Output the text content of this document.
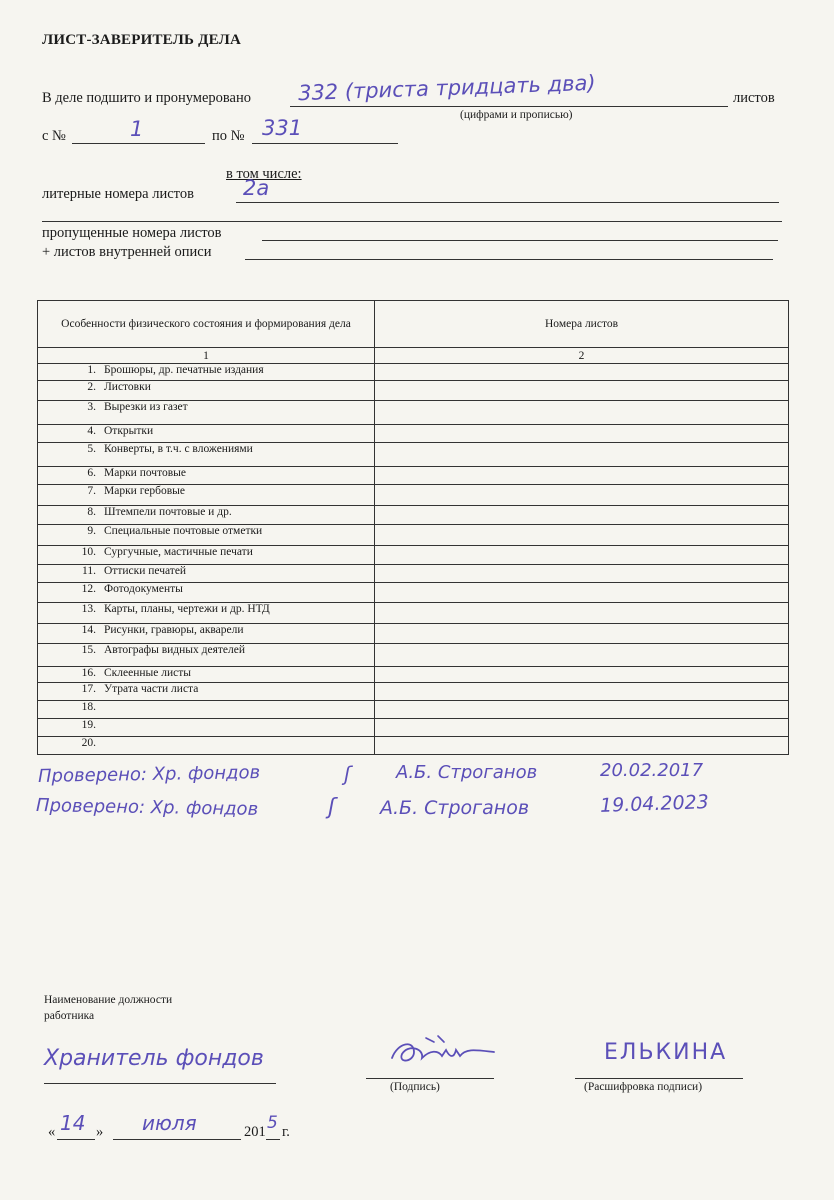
ЛИСТ-ЗАВЕРИТЕЛЬ ДЕЛА
В деле подшито и пронумеровано 332 (триста тридцать два)	листов
(цифрами и прописью)
с №	1	по № 331
в том числе:
литерные номера листов 2а
пропущенные номера листов
+ листов внутренней описи
Особенности физического состояния и формирования дела	Номера листов
1	2
1. Брошюры, др. печатные издания	
2. Листовки	
3. Вырезки из газет	
4. Открытки	
5. Конверты, в т.ч. с вложениями	
6. Марки почтовые	
7. Марки гербовые	
8. Штемпели почтовые и др.	
9. Специальные почтовые отметки	
10. Сургучные, мастичные печати	
11. Оттиски печатей	
12. Фотодокументы	
13. Карты, планы, чертежи и др. НТД	
14. Рисунки, гравюры, акварели	
15. Автографы видных деятелей	
16. Склеенные листы	
17. Утрата части листа	
18.	
19.	
20.	
Проверено: Хр. фондов	ʃ	А.Б. Строганов	20.02.2017
Проверено: Хр. фондов	ʃ А.Б. Строганов	19.04.2023
Наименование должности работника
Хранитель фондов
(Подпись)
ЕЛЬКИНА
(Расшифровка подписи)
« 14 » июля	201 5 г.
